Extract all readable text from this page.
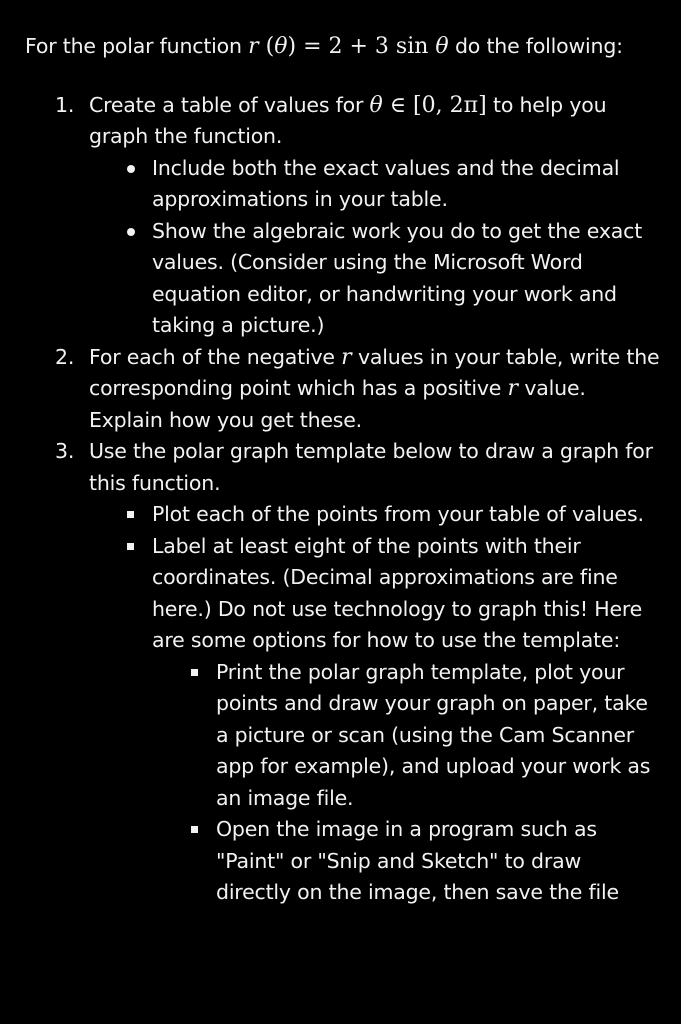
For the polar function r (θ) = 2 + 3 sin θ do the following:

1. Create a table of values for θ ∈ [0, 2π] to help you graph the function.
Include both the exact values and the decimal approximations in your table.
Show the algebraic work you do to get the exact values. (Consider using the Microsoft Word equation editor, or handwriting your work and taking a picture.)
2. For each of the negative r values in your table, write the corresponding point which has a positive r value. Explain how you get these.
3. Use the polar graph template below to draw a graph for this function.
Plot each of the points from your table of values.
Label at least eight of the points with their coordinates. (Decimal approximations are fine here.) Do not use technology to graph this! Here are some options for how to use the template:
Print the polar graph template, plot your points and draw your graph on paper, take a picture or scan (using the Cam Scanner app for example), and upload your work as an image file.
Open the image in a program such as "Paint" or "Snip and Sketch" to draw directly on the image, then save the file
